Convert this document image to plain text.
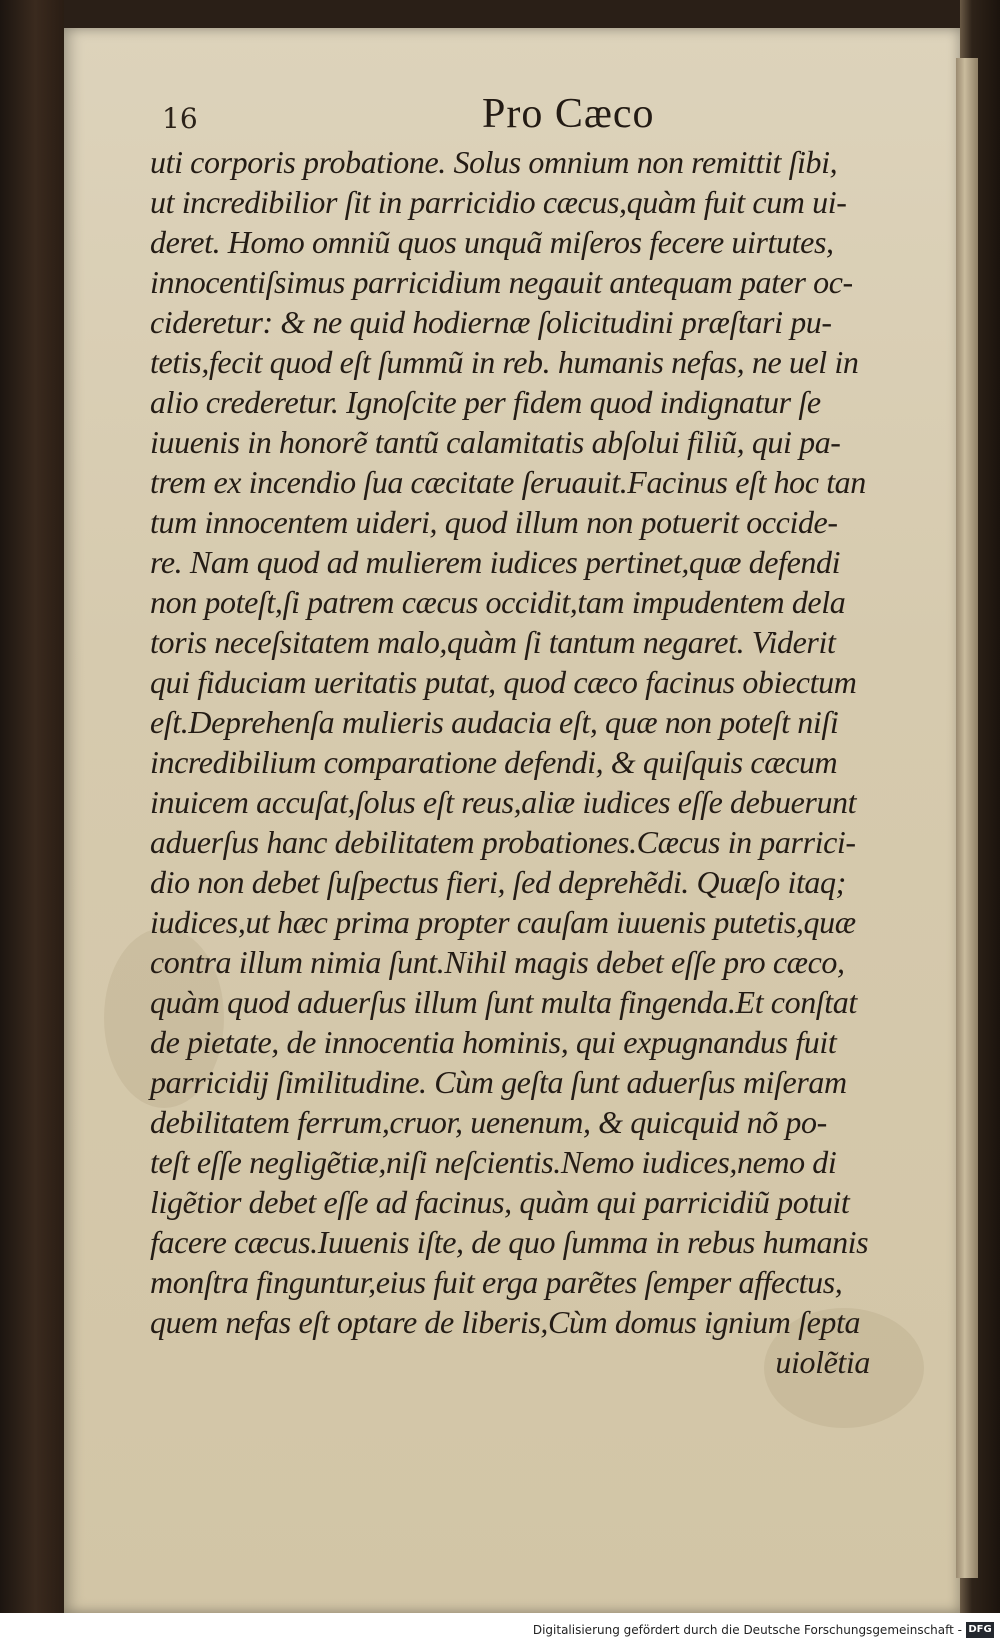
16	Pro Cæco
uti corporis probatione. Solus omnium non remittit ſibi,
ut incredibilior ſit in parricidio cæcus,quàm fuit cum ui-
deret. Homo omniũ quos unquã miſeros fecere uirtutes,
innocentiſsimus parricidium negauit antequam pater oc-
cideretur: & ne quid hodiernæ ſolicitudini præſtari pu-
tetis,fecit quod eſt ſummũ in reb. humanis nefas, ne uel in
alio crederetur. Ignoſcite per fidem quod indignatur ſe
iuuenis in honorẽ tantũ calamitatis abſolui filiũ, qui pa-
trem ex incendio ſua cæcitate ſeruauit.Facinus eſt hoc tan
tum innocentem uideri, quod illum non potuerit occide-
re. Nam quod ad mulierem iudices pertinet,quæ defendi
non poteſt,ſi patrem cæcus occidit,tam impudentem dela
toris neceſsitatem malo,quàm ſi tantum negaret. Viderit
qui fiduciam ueritatis putat, quod cæco facinus obiectum
eſt.Deprehenſa mulieris audacia eſt, quæ non poteſt niſi
incredibilium comparatione defendi, & quiſquis cæcum
inuicem accuſat,ſolus eſt reus,aliæ iudices eſſe debuerunt
aduerſus hanc debilitatem probationes.Cæcus in parrici-
dio non debet ſuſpectus fieri, ſed deprehẽdi. Quæſo itaq;
iudices,ut hæc prima propter cauſam iuuenis putetis,quæ
contra illum nimia ſunt.Nihil magis debet eſſe pro cæco,
quàm quod aduerſus illum ſunt multa fingenda.Et conſtat
de pietate, de innocentia hominis, qui expugnandus fuit
parricidij ſimilitudine. Cùm geſta ſunt aduerſus miſeram
debilitatem ferrum,cruor, uenenum, & quicquid nõ po-
teſt eſſe negligẽtiæ,niſi neſcientis.Nemo iudices,nemo di
ligẽtior debet eſſe ad facinus, quàm qui parricidiũ potuit
facere cæcus.Iuuenis iſte, de quo ſumma in rebus humanis
monſtra finguntur,eius fuit erga parẽtes ſemper affectus,
quem nefas eſt optare de liberis,Cùm domus ignium ſepta
uiolẽtia
Digitalisierung gefördert durch die Deutsche Forschungsgemeinschaft - DFG
